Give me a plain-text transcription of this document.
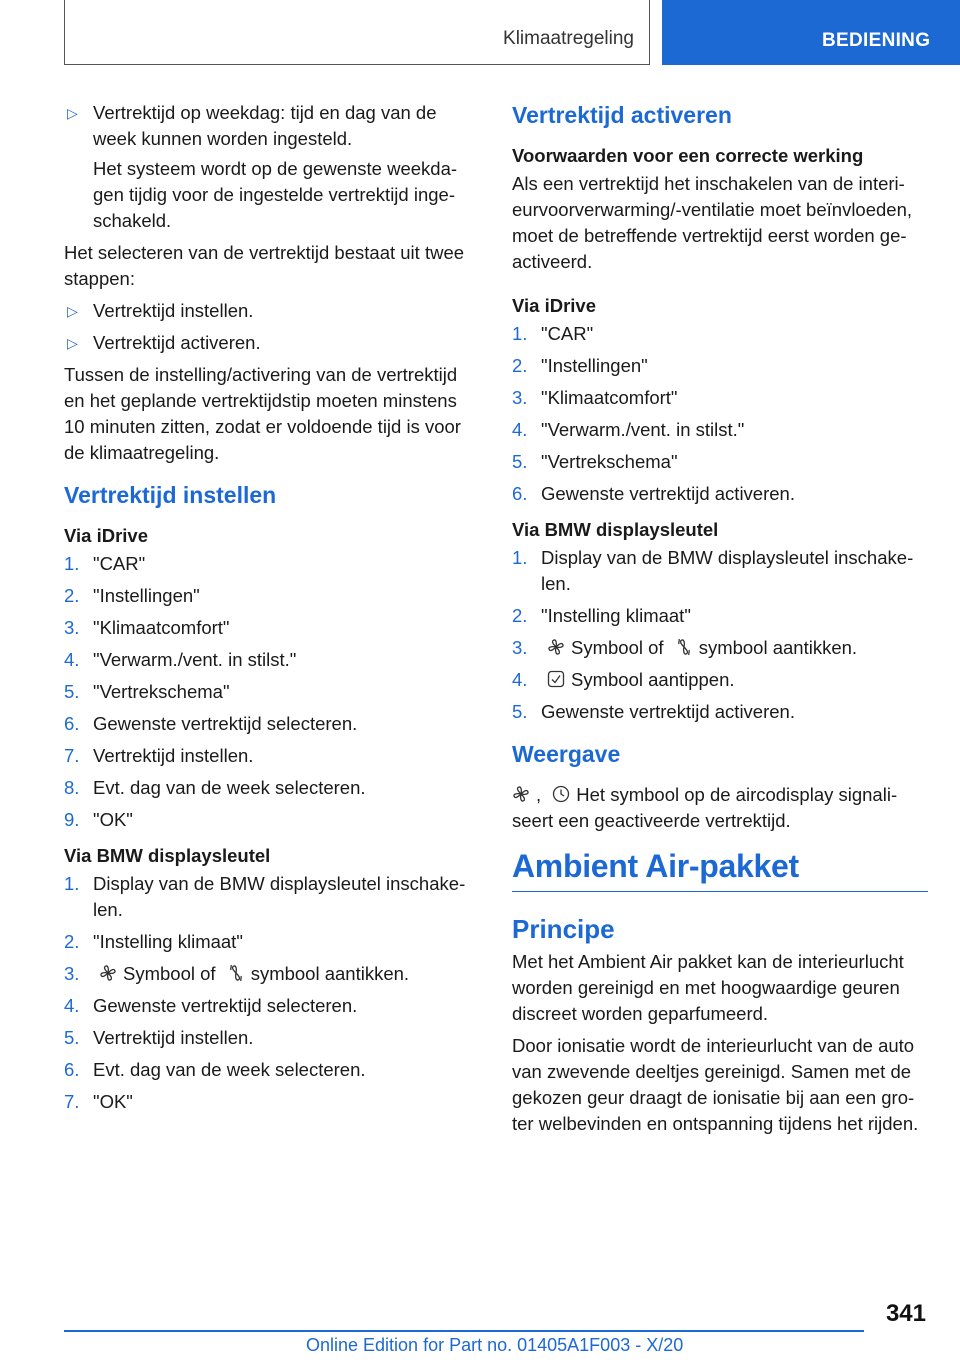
Klimaatregeling	BEDIENING
▷ Vertrektijd op weekdag: tijd en dag van de week kunnen worden ingesteld.

Het systeem wordt op de gewenste weekdagen tijdig voor de ingestelde vertrektijd ingeschakeld.

Het selecteren van de vertrektijd bestaat uit twee stappen:

▷ Vertrektijd instellen.
▷ Vertrektijd activeren.

Tussen de instelling/activering van de vertrektijd en het geplande vertrektijdstip moeten minstens 10 minuten zitten, zodat er voldoende tijd is voor de klimaatregeling.

Vertrektijd instellen
Via iDrive
1. "CAR"
2. "Instellingen"
3. "Klimaatcomfort"
4. "Verwarm./vent. in stilst."
5. "Vertrekschema"
6. Gewenste vertrektijd selecteren.
7. Vertrektijd instellen.
8. Evt. dag van de week selecteren.
9. "OK"
Via BMW displaysleutel
1. Display van de BMW displaysleutel inschakelen.
2. "Instelling klimaat"
3. Symbool of symbool aantikken.
4. Gewenste vertrektijd selecteren.
5. Vertrektijd instellen.
6. Evt. dag van de week selecteren.
7. "OK"
Vertrektijd activeren
Voorwaarden voor een correcte werking

Als een vertrektijd het inschakelen van de interieurvoorverwarming/-ventilatie moet beïnvloeden, moet de betreffende vertrektijd eerst worden geactiveerd.

Via iDrive
1. "CAR"
2. "Instellingen"
3. "Klimaatcomfort"
4. "Verwarm./vent. in stilst."
5. "Vertrekschema"
6. Gewenste vertrektijd activeren.
Via BMW displaysleutel
1. Display van de BMW displaysleutel inschakelen.
2. "Instelling klimaat"
3. Symbool of symbool aantikken.
4. Symbool aantippen.
5. Gewenste vertrektijd activeren.
Weergave

, Het symbool op de aircodisplay signaliseert een geactiveerde vertrektijd.

Ambient Air-pakket
Principe

Met het Ambient Air pakket kan de interieurlucht worden gereinigd en met hoogwaardige geuren discreet worden geparfumeerd.

Door ionisatie wordt de interieurlucht van de auto van zwevende deeltjes gereinigd. Samen met de gekozen geur draagt de ionisatie bij aan een groter welbevinden en ontspanning tijdens het rijden.

341
Online Edition for Part no. 01405A1F003 - X/20
